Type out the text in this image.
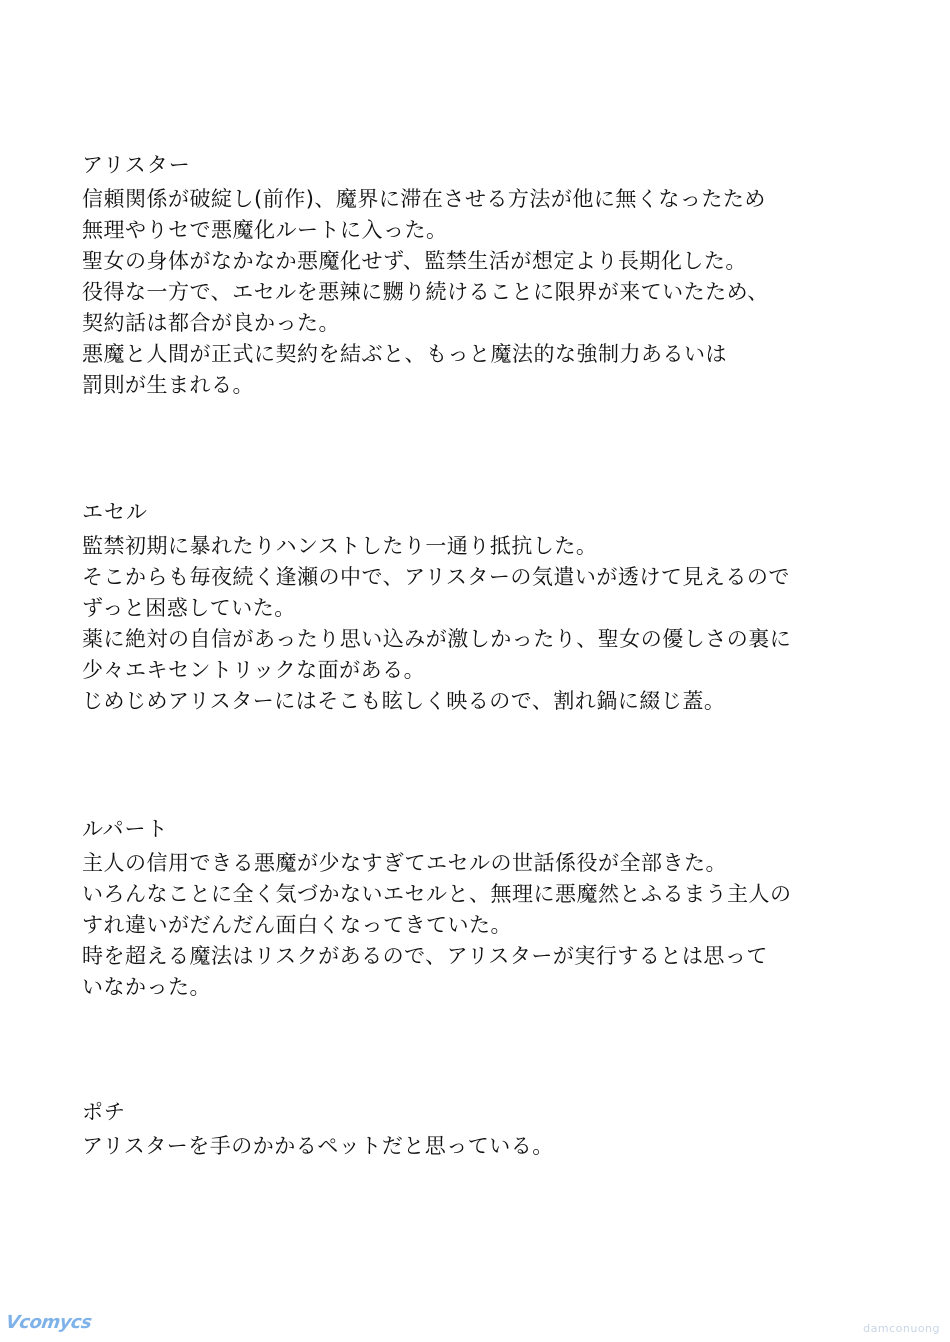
アリスター

信頼関係が破綻し(前作)、魔界に滞在させる方法が他に無くなったため

無理やりセで悪魔化ルートに入った。

聖女の身体がなかなか悪魔化せず、監禁生活が想定より長期化した。

役得な一方で、エセルを悪辣に嬲り続けることに限界が来ていたため、

契約話は都合が良かった。

悪魔と人間が正式に契約を結ぶと、もっと魔法的な強制力あるいは

罰則が生まれる。

エセル

監禁初期に暴れたりハンストしたり一通り抵抗した。

そこからも毎夜続く逢瀬の中で、アリスターの気遣いが透けて見えるので

ずっと困惑していた。

薬に絶対の自信があったり思い込みが激しかったり、聖女の優しさの裏に

少々エキセントリックな面がある。

じめじめアリスターにはそこも眩しく映るので、割れ鍋に綴じ蓋。

ルパート

主人の信用できる悪魔が少なすぎてエセルの世話係役が全部きた。

いろんなことに全く気づかないエセルと、無理に悪魔然とふるまう主人の

すれ違いがだんだん面白くなってきていた。

時を超える魔法はリスクがあるので、アリスターが実行するとは思って

いなかった。

ポチ

アリスターを手のかかるペットだと思っている。

Vcomycs	damconuong
